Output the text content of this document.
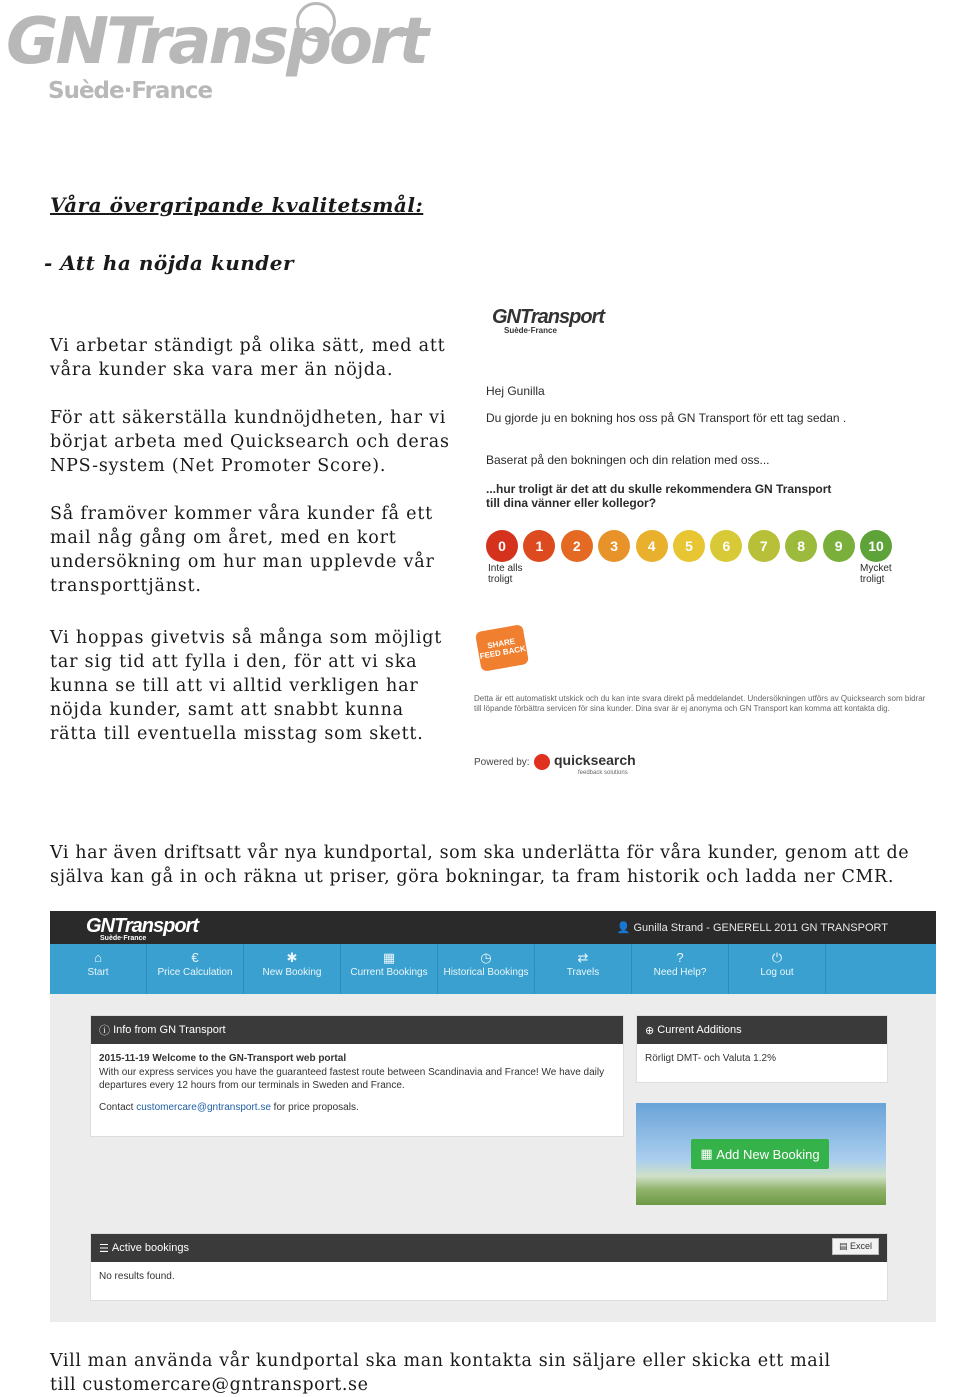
GNTransport
Suède·France
Våra övergripande kvalitetsmål:
- Att ha nöjda kunder
Vi arbetar ständigt på olika sätt, med att våra kunder ska vara mer än nöjda.
För att säkerställa kundnöjdheten, har vi börjat arbeta med Quicksearch och deras NPS-system (Net Promoter Score).
Så framöver kommer våra kunder få ett mail någ gång om året, med en kort undersökning om hur man upplevde vår transporttjänst.
Vi hoppas givetvis så många som möjligt tar sig tid att fylla i den, för att vi ska kunna se till att vi alltid verkligen har nöjda kunder, samt att snabbt kunna rätta till eventuella misstag som skett.
GNTransport
Suède·France
Hej Gunilla
Du gjorde ju en bokning hos oss på GN Transport för ett tag sedan .
Baserat på den bokningen och din relation med oss...
...hur troligt är det att du skulle rekommendera GN Transport
till dina vänner eller kollegor?
0	1	2	3	4	5	6	7	8	9	10
Inte alls troligt
Mycket troligt
SHARE FEED BACK
Detta är ett automatiskt utskick och du kan inte svara direkt på meddelandet. Undersökningen utförs av Quicksearch som bidrar till löpande förbättra servicen för sina kunder. Dina svar är ej anonyma och GN Transport kan komma att kontakta dig.
Powered by: quicksearch
feedback solutions
Vi har även driftsatt vår nya kundportal, som ska underlätta för våra kunder, genom att de själva kan gå in och räkna ut priser, göra bokningar, ta fram historik och ladda ner CMR.
GNTransport
Suède·France
👤 Gunilla Strand - GENERELL 2011 GN TRANSPORT
⌂
Start
€
Price Calculation
✱
New Booking
▦
Current Bookings
◷
Historical Bookings
⇄
Travels
?
Need Help?
⏻
Log out
ⓘ Info from GN Transport
2015-11-19 Welcome to the GN-Transport web portal
With our express services you have the guaranteed fastest route between Scandinavia and France! We have daily departures every 12 hours from our terminals in Sweden and France.
Contact customercare@gntransport.se for price proposals.
⊕ Current Additions
Rörligt DMT- och Valuta 1.2%
▦ Add New Booking
☰ Active bookings	▤ Excel
No results found.
Vill man använda vår kundportal ska man kontakta sin säljare eller skicka ett mail till customercare@gntransport.se
